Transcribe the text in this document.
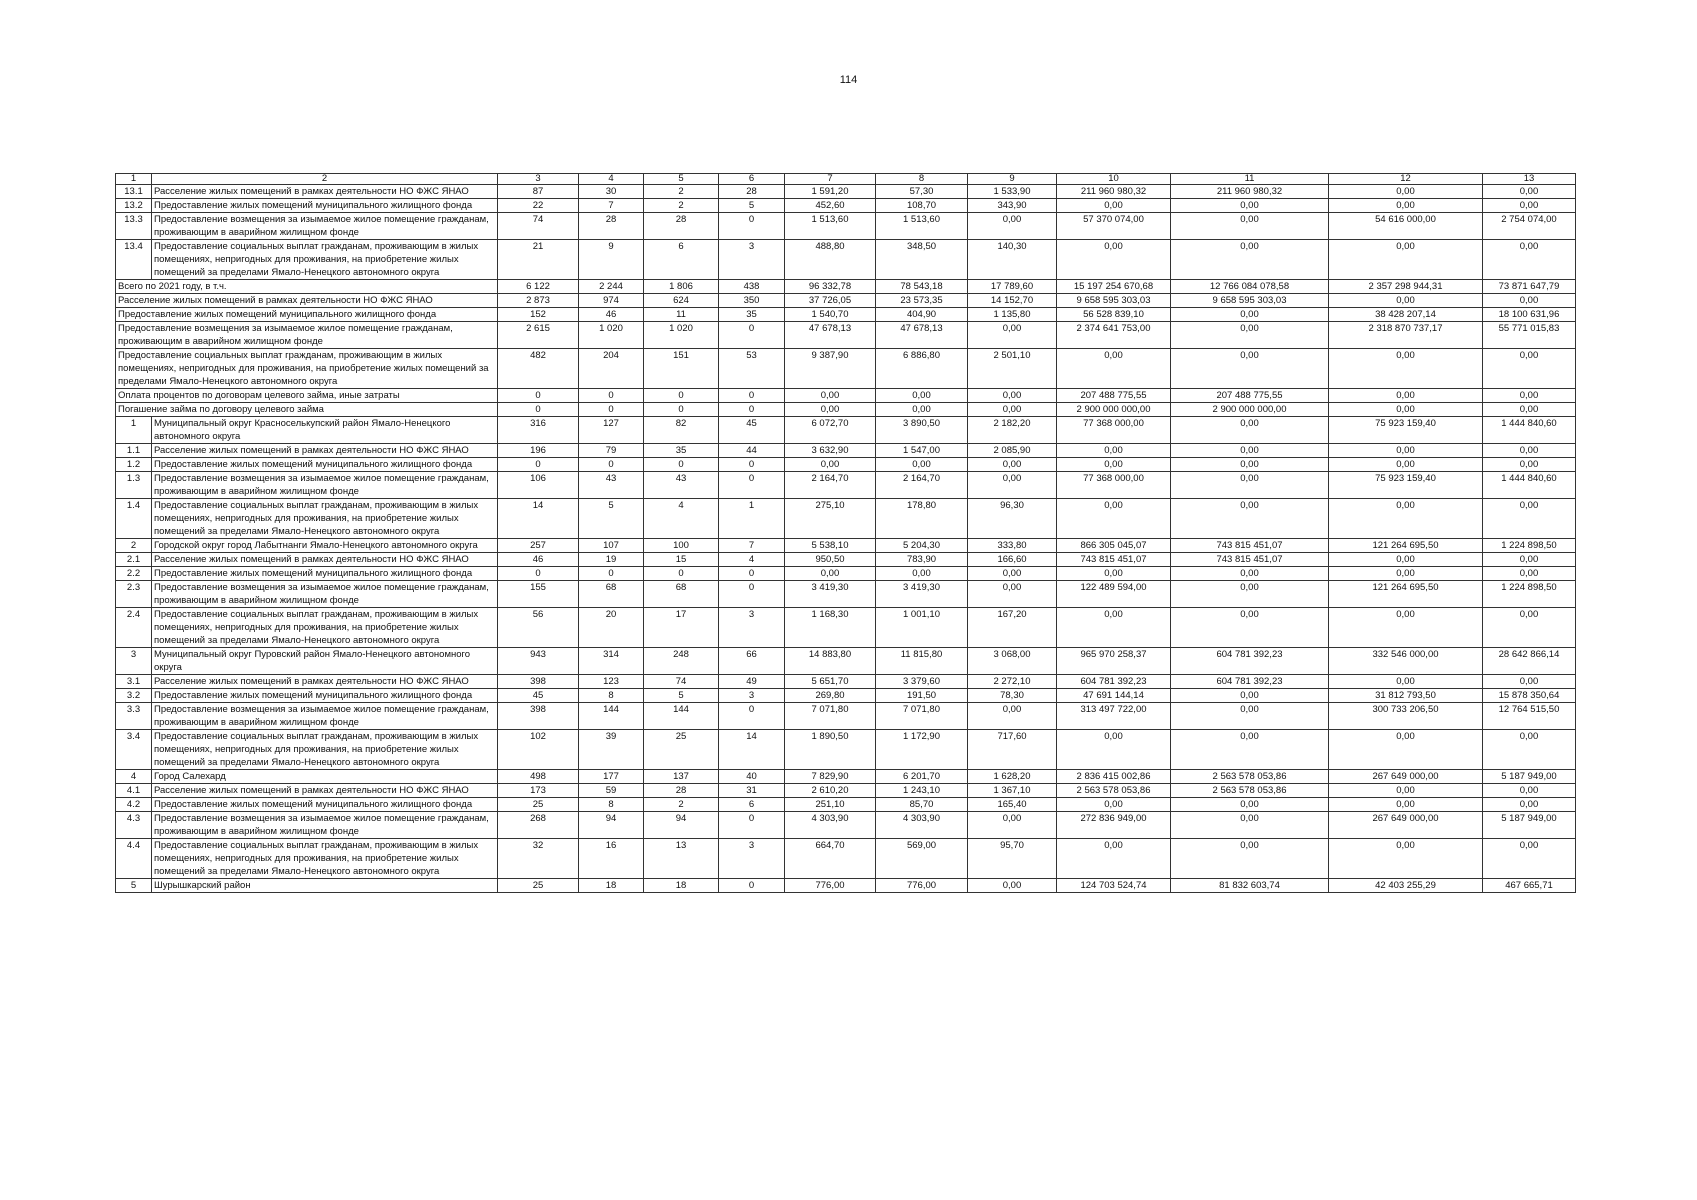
114
1	2	3	4	5	6	7	8	9	10	11	12	13
13.1	Расселение жилых помещений в рамках деятельности НО ФЖС ЯНАО	87	30	2	28	1 591,20	57,30	1 533,90	211 960 980,32	211 960 980,32	0,00	0,00
13.2	Предоставление жилых помещений муниципального жилищного фонда	22	7	2	5	452,60	108,70	343,90	0,00	0,00	0,00	0,00
13.3	Предоставление возмещения за изымаемое жилое помещение гражданам, проживающим в аварийном жилищном фонде	74	28	28	0	1 513,60	1 513,60	0,00	57 370 074,00	0,00	54 616 000,00	2 754 074,00
13.4	Предоставление социальных выплат гражданам, проживающим в жилых помещениях, непригодных для проживания, на приобретение жилых помещений за пределами Ямало-Ненецкого автономного округа	21	9	6	3	488,80	348,50	140,30	0,00	0,00	0,00	0,00
Всего по 2021 году, в т.ч.		6 122	2 244	1 806	438	96 332,78	78 543,18	17 789,60	15 197 254 670,68	12 766 084 078,58	2 357 298 944,31	73 871 647,79
Расселение жилых помещений в рамках деятельности НО ФЖС ЯНАО		2 873	974	624	350	37 726,05	23 573,35	14 152,70	9 658 595 303,03	9 658 595 303,03	0,00	0,00
Предоставление жилых помещений муниципального жилищного фонда		152	46	11	35	1 540,70	404,90	1 135,80	56 528 839,10	0,00	38 428 207,14	18 100 631,96
Предоставление возмещения за изымаемое жилое помещение гражданам, проживающим в аварийном жилищном фонде		2 615	1 020	1 020	0	47 678,13	47 678,13	0,00	2 374 641 753,00	0,00	2 318 870 737,17	55 771 015,83
Предоставление социальных выплат гражданам, проживающим в жилых помещениях, непригодных для проживания, на приобретение жилых помещений за пределами Ямало-Ненецкого автономного округа		482	204	151	53	9 387,90	6 886,80	2 501,10	0,00	0,00	0,00	0,00
Оплата процентов по договорам целевого займа, иные затраты		0	0	0	0	0,00	0,00	0,00	207 488 775,55	207 488 775,55	0,00	0,00
Погашение займа по договору целевого займа		0	0	0	0	0,00	0,00	0,00	2 900 000 000,00	2 900 000 000,00	0,00	0,00
1	Муниципальный округ Красноселькупский район Ямало-Ненецкого автономного округа	316	127	82	45	6 072,70	3 890,50	2 182,20	77 368 000,00	0,00	75 923 159,40	1 444 840,60
1.1	Расселение жилых помещений в рамках деятельности НО ФЖС ЯНАО	196	79	35	44	3 632,90	1 547,00	2 085,90	0,00	0,00	0,00	0,00
1.2	Предоставление жилых помещений муниципального жилищного фонда	0	0	0	0	0,00	0,00	0,00	0,00	0,00	0,00	0,00
1.3	Предоставление возмещения за изымаемое жилое помещение гражданам, проживающим в аварийном жилищном фонде	106	43	43	0	2 164,70	2 164,70	0,00	77 368 000,00	0,00	75 923 159,40	1 444 840,60
1.4	Предоставление социальных выплат гражданам, проживающим в жилых помещениях, непригодных для проживания, на приобретение жилых помещений за пределами Ямало-Ненецкого автономного округа	14	5	4	1	275,10	178,80	96,30	0,00	0,00	0,00	0,00
2	Городской округ город Лабытнанги Ямало-Ненецкого автономного округа	257	107	100	7	5 538,10	5 204,30	333,80	866 305 045,07	743 815 451,07	121 264 695,50	1 224 898,50
2.1	Расселение жилых помещений в рамках деятельности НО ФЖС ЯНАО	46	19	15	4	950,50	783,90	166,60	743 815 451,07	743 815 451,07	0,00	0,00
2.2	Предоставление жилых помещений муниципального жилищного фонда	0	0	0	0	0,00	0,00	0,00	0,00	0,00	0,00	0,00
2.3	Предоставление возмещения за изымаемое жилое помещение гражданам, проживающим в аварийном жилищном фонде	155	68	68	0	3 419,30	3 419,30	0,00	122 489 594,00	0,00	121 264 695,50	1 224 898,50
2.4	Предоставление социальных выплат гражданам, проживающим в жилых помещениях, непригодных для проживания, на приобретение жилых помещений за пределами Ямало-Ненецкого автономного округа	56	20	17	3	1 168,30	1 001,10	167,20	0,00	0,00	0,00	0,00
3	Муниципальный округ Пуровский район Ямало-Ненецкого автономного округа	943	314	248	66	14 883,80	11 815,80	3 068,00	965 970 258,37	604 781 392,23	332 546 000,00	28 642 866,14
3.1	Расселение жилых помещений в рамках деятельности НО ФЖС ЯНАО	398	123	74	49	5 651,70	3 379,60	2 272,10	604 781 392,23	604 781 392,23	0,00	0,00
3.2	Предоставление жилых помещений муниципального жилищного фонда	45	8	5	3	269,80	191,50	78,30	47 691 144,14	0,00	31 812 793,50	15 878 350,64
3.3	Предоставление возмещения за изымаемое жилое помещение гражданам, проживающим в аварийном жилищном фонде	398	144	144	0	7 071,80	7 071,80	0,00	313 497 722,00	0,00	300 733 206,50	12 764 515,50
3.4	Предоставление социальных выплат гражданам, проживающим в жилых помещениях, непригодных для проживания, на приобретение жилых помещений за пределами Ямало-Ненецкого автономного округа	102	39	25	14	1 890,50	1 172,90	717,60	0,00	0,00	0,00	0,00
4	Город Салехард	498	177	137	40	7 829,90	6 201,70	1 628,20	2 836 415 002,86	2 563 578 053,86	267 649 000,00	5 187 949,00
4.1	Расселение жилых помещений в рамках деятельности НО ФЖС ЯНАО	173	59	28	31	2 610,20	1 243,10	1 367,10	2 563 578 053,86	2 563 578 053,86	0,00	0,00
4.2	Предоставление жилых помещений муниципального жилищного фонда	25	8	2	6	251,10	85,70	165,40	0,00	0,00	0,00	0,00
4.3	Предоставление возмещения за изымаемое жилое помещение гражданам, проживающим в аварийном жилищном фонде	268	94	94	0	4 303,90	4 303,90	0,00	272 836 949,00	0,00	267 649 000,00	5 187 949,00
4.4	Предоставление социальных выплат гражданам, проживающим в жилых помещениях, непригодных для проживания, на приобретение жилых помещений за пределами Ямало-Ненецкого автономного округа	32	16	13	3	664,70	569,00	95,70	0,00	0,00	0,00	0,00
5	Шурышкарский район	25	18	18	0	776,00	776,00	0,00	124 703 524,74	81 832 603,74	42 403 255,29	467 665,71
